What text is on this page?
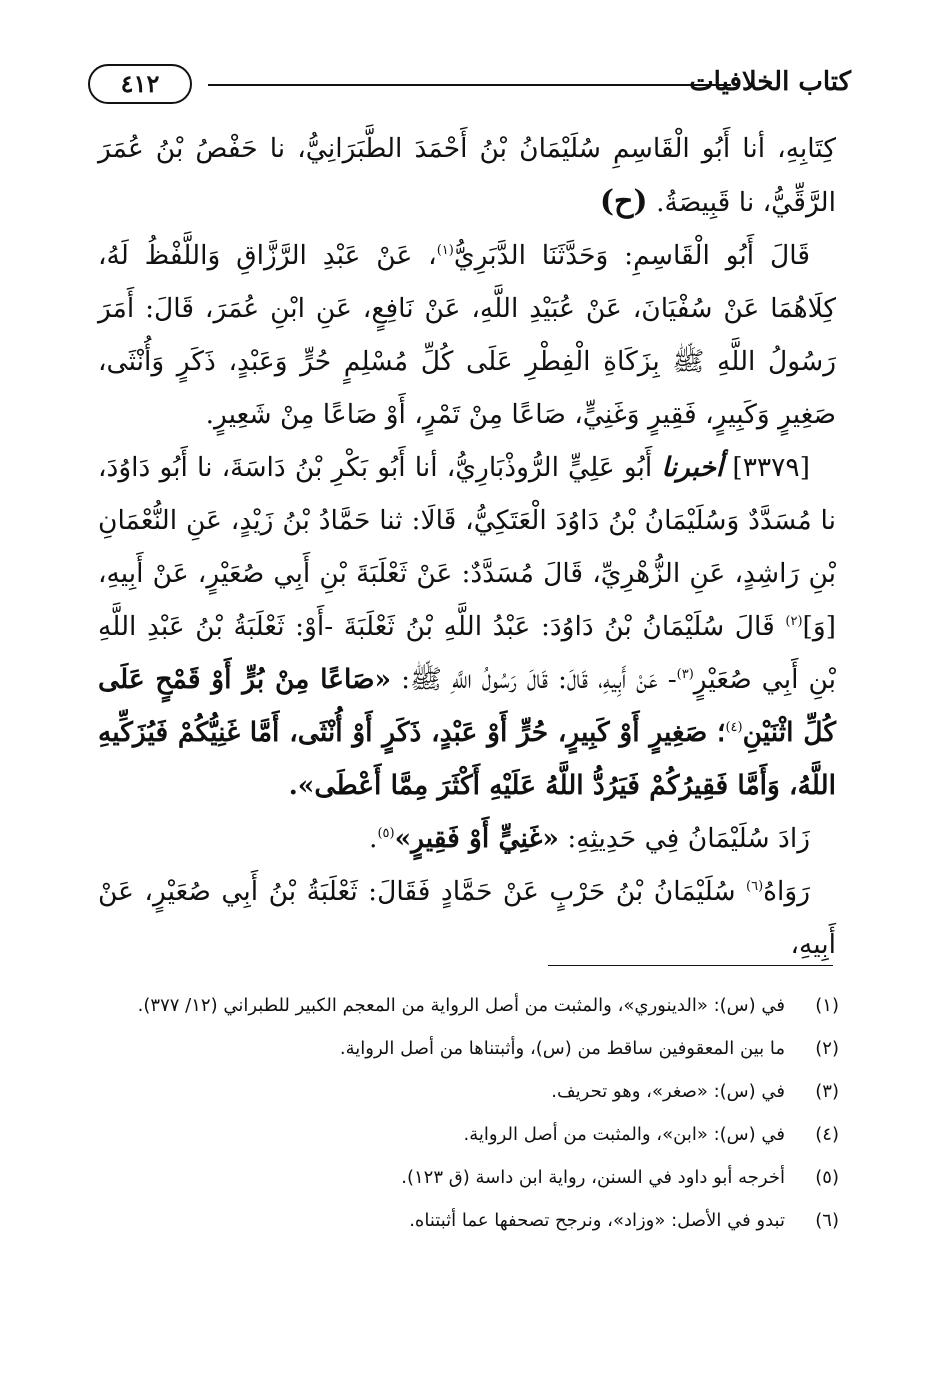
كتاب الخلافيات
٤١٢

كِتَابِهِ، أنا أَبُو الْقَاسِمِ سُلَيْمَانُ بْنُ أَحْمَدَ الطَّبَرَانِيُّ، نا حَفْصُ بْنُ عُمَرَ الرَّقِّيُّ، نا قَبِيصَةُ. (ح)

قَالَ أَبُو الْقَاسِمِ: وَحَدَّثَنَا الدَّبَرِيُّ$^{(١)}$، عَنْ عَبْدِ الرَّزَّاقِ وَاللَّفْظُ لَهُ، كِلَاهُمَا عَنْ سُفْيَانَ، عَنْ عُبَيْدِ اللَّهِ، عَنْ نَافِعٍ، عَنِ ابْنِ عُمَرَ، قَالَ: أَمَرَ رَسُولُ اللَّهِ ﷺ بِزَكَاةِ الْفِطْرِ عَلَى كُلِّ مُسْلِمٍ حُرٍّ وَعَبْدٍ، ذَكَرٍ وَأُنْثَى، صَغِيرٍ وَكَبِيرٍ، فَقِيرٍ وَغَنِيٍّ، صَاعًا مِنْ تَمْرٍ، أَوْ صَاعًا مِنْ شَعِيرٍ.

[٣٣٧٩] أخبرنا أَبُو عَلِيٍّ الرُّوذْبَارِيُّ، أنا أَبُو بَكْرِ بْنُ دَاسَةَ، نا أَبُو دَاوُدَ، نا مُسَدَّدٌ وَسُلَيْمَانُ بْنُ دَاوُدَ الْعَتَكِيُّ، قَالَا: ثنا حَمَّادُ بْنُ زَيْدٍ، عَنِ النُّعْمَانِ بْنِ رَاشِدٍ، عَنِ الزُّهْرِيِّ، قَالَ مُسَدَّدٌ: عَنْ ثَعْلَبَةَ بْنِ أَبِي صُعَيْرٍ، عَنْ أَبِيهِ، [وَ]$^{(٢)}$ قَالَ سُلَيْمَانُ بْنُ دَاوُدَ: عَبْدُ اللَّهِ بْنُ ثَعْلَبَةَ -أَوْ: ثَعْلَبَةُ بْنُ عَبْدِ اللَّهِ بْنِ أَبِي صُعَيْرٍ$^{(٣)}$- عَنْ أَبِيهِ، قَالَ: قَالَ رَسُولُ اللَّهِ ﷺ: «صَاعًا مِنْ بُرٍّ أَوْ قَمْحٍ عَلَى كُلِّ اثْنَيْنِ$^{(٤)}$؛ صَغِيرٍ أَوْ كَبِيرٍ، حُرٍّ أَوْ عَبْدٍ، ذَكَرٍ أَوْ أُنْثَى، أَمَّا غَنِيُّكُمْ فَيُزَكِّيهِ اللَّهُ، وَأَمَّا فَقِيرُكُمْ فَيَرُدُّ اللَّهُ عَلَيْهِ أَكْثَرَ مِمَّا أَعْطَى».

زَادَ سُلَيْمَانُ فِي حَدِيثِهِ: «غَنِيٍّ أَوْ فَقِيرٍ»$^{(٥)}$.

رَوَاهُ$^{(٦)}$ سُلَيْمَانُ بْنُ حَرْبٍ عَنْ حَمَّادٍ فَقَالَ: ثَعْلَبَةُ بْنُ أَبِي صُعَيْرٍ، عَنْ أَبِيهِ،

(١)
في (س): «الدينوري»، والمثبت من أصل الرواية من المعجم الكبير للطبراني (١٢/ ٣٧٧).
(٢)
ما بين المعقوفين ساقط من (س)، وأثبتناها من أصل الرواية.
(٣)
في (س): «صغر»، وهو تحريف.
(٤)
في (س): «ابن»، والمثبت من أصل الرواية.
(٥)
أخرجه أبو داود في السنن، رواية ابن داسة (ق ١٢٣).
(٦)
تبدو في الأصل: «وزاد»، ونرجح تصحفها عما أثبتناه.
